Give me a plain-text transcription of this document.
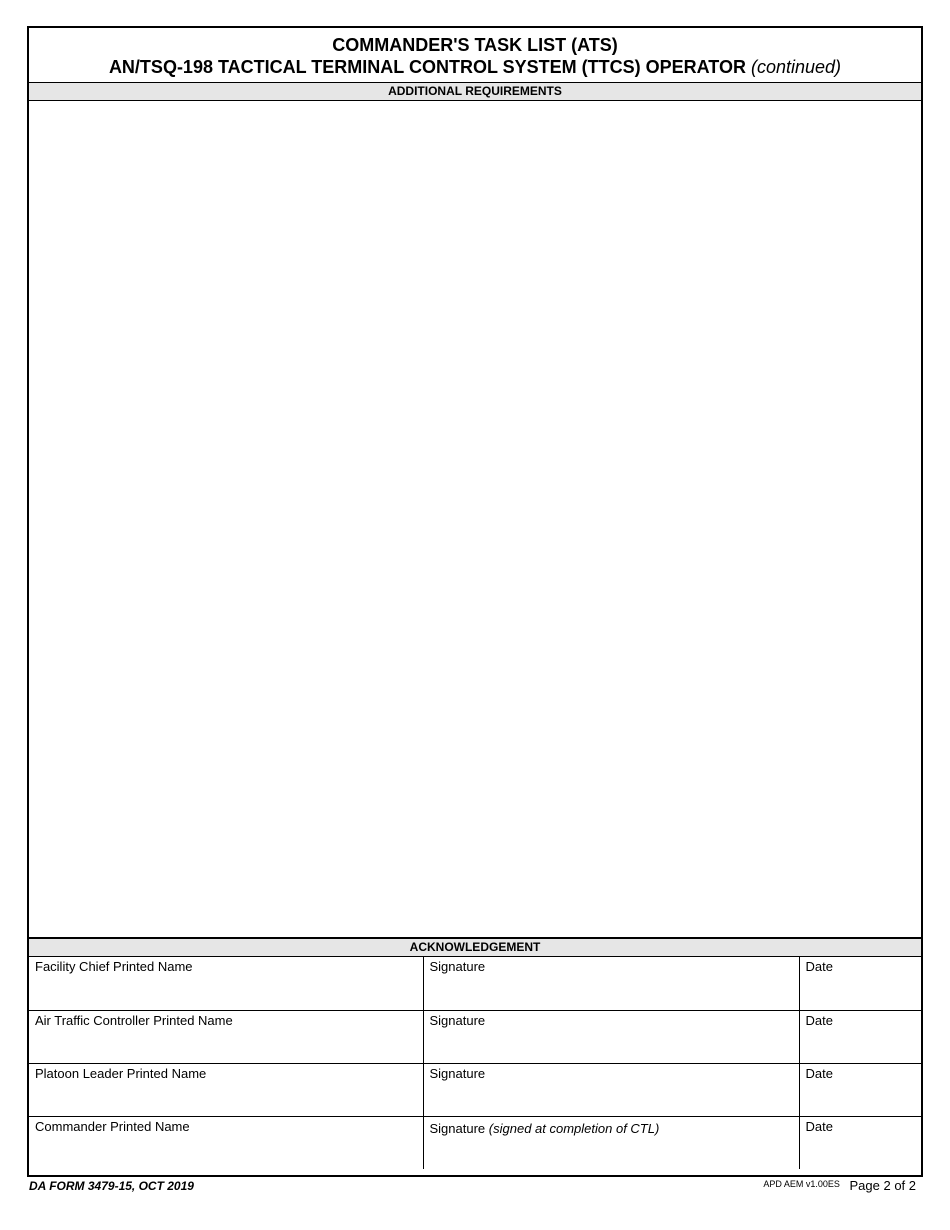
COMMANDER'S TASK LIST (ATS)
AN/TSQ-198 TACTICAL TERMINAL CONTROL SYSTEM (TTCS) OPERATOR (continued)
ADDITIONAL REQUIREMENTS
ACKNOWLEDGEMENT
Facility Chief Printed Name	Signature	Date
Air Traffic Controller Printed Name	Signature	Date
Platoon Leader Printed Name	Signature	Date
Commander Printed Name	Signature (signed at completion of CTL)	Date
DA FORM 3479-15, OCT 2019	$^{APD AEM v1.00ES}$ Page 2 of 2
